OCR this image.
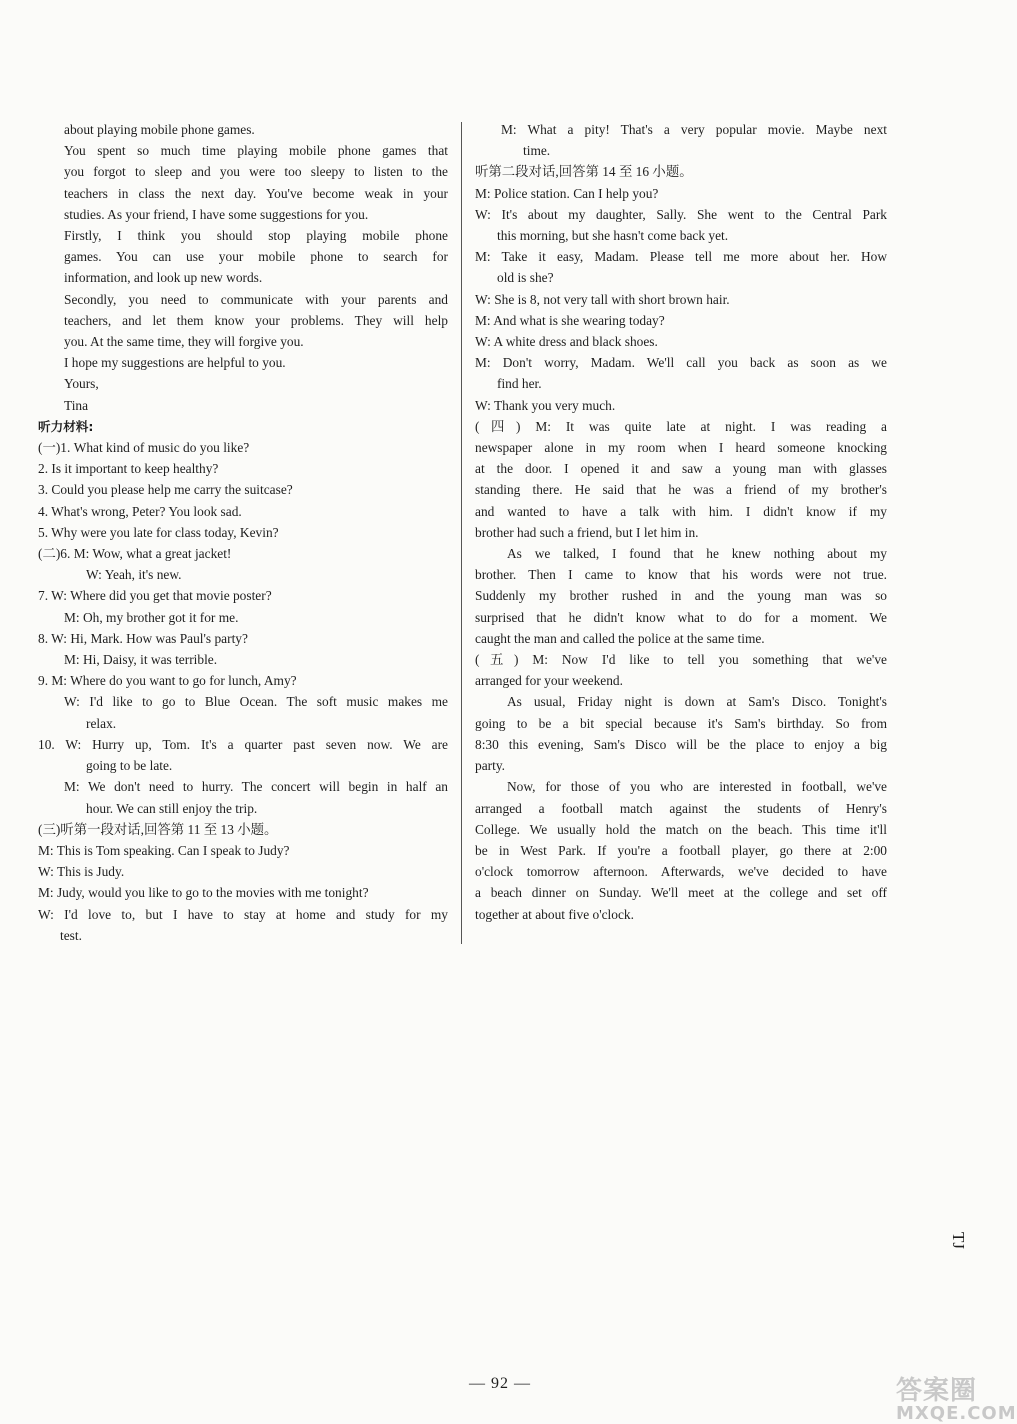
about playing mobile phone games.
You spent so much time playing mobile phone games that
you forgot to sleep and you were too sleepy to listen to the
teachers in class the next day. You've become weak in your
studies. As your friend, I have some suggestions for you.
Firstly, I think you should stop playing mobile phone
games. You can use your mobile phone to search for
information, and look up new words.
Secondly, you need to communicate with your parents and
teachers, and let them know your problems. They will help
you. At the same time, they will forgive you.
I hope my suggestions are helpful to you.
Yours,
Tina
听力材料:
(一)1. What kind of music do you like?
2. Is it important to keep healthy?
3. Could you please help me carry the suitcase?
4. What's wrong, Peter? You look sad.
5. Why were you late for class today, Kevin?
(二)6. M: Wow, what a great jacket!
W: Yeah, it's new.
7. W: Where did you get that movie poster?
M: Oh, my brother got it for me.
8. W: Hi, Mark. How was Paul's party?
M: Hi, Daisy, it was terrible.
9. M: Where do you want to go for lunch, Amy?
W: I'd like to go to Blue Ocean. The soft music makes me
relax.
10. W: Hurry up, Tom. It's a quarter past seven now. We are
going to be late.
M: We don't need to hurry. The concert will begin in half an
hour. We can still enjoy the trip.
(三)听第一段对话,回答第 11 至 13 小题。
M: This is Tom speaking. Can I speak to Judy?
W: This is Judy.
M: Judy, would you like to go to the movies with me tonight?
W: I'd love to, but I have to stay at home and study for my
test.
M: What a pity! That's a very popular movie. Maybe next
time.
听第二段对话,回答第 14 至 16 小题。
M: Police station. Can I help you?
W: It's about my daughter, Sally. She went to the Central Park
this morning, but she hasn't come back yet.
M: Take it easy, Madam. Please tell me more about her. How
old is she?
W: She is 8, not very tall with short brown hair.
M: And what is she wearing today?
W: A white dress and black shoes.
M: Don't worry, Madam. We'll call you back as soon as we
find her.
W: Thank you very much.
(四) M: It was quite late at night. I was reading a
newspaper alone in my room when I heard someone knocking
at the door. I opened it and saw a young man with glasses
standing there. He said that he was a friend of my brother's
and wanted to have a talk with him. I didn't know if my
brother had such a friend, but I let him in.
As we talked, I found that he knew nothing about my
brother. Then I came to know that his words were not true.
Suddenly my brother rushed in and the young man was so
surprised that he didn't know what to do for a moment. We
caught the man and called the police at the same time.
(五) M: Now I'd like to tell you something that we've
arranged for your weekend.
As usual, Friday night is down at Sam's Disco. Tonight's
going to be a bit special because it's Sam's birthday. So from
8:30 this evening, Sam's Disco will be the place to enjoy a big
party.
Now, for those of you who are interested in football, we've
arranged a football match against the students of Henry's
College. We usually hold the match on the beach. This time it'll
be in West Park. If you're a football player, go there at 2:00
o'clock tomorrow afternoon. Afterwards, we've decided to have
a beach dinner on Sunday. We'll meet at the college and set off
together at about five o'clock.
— 92 —
TJ
答案圈
MXQE.COM
